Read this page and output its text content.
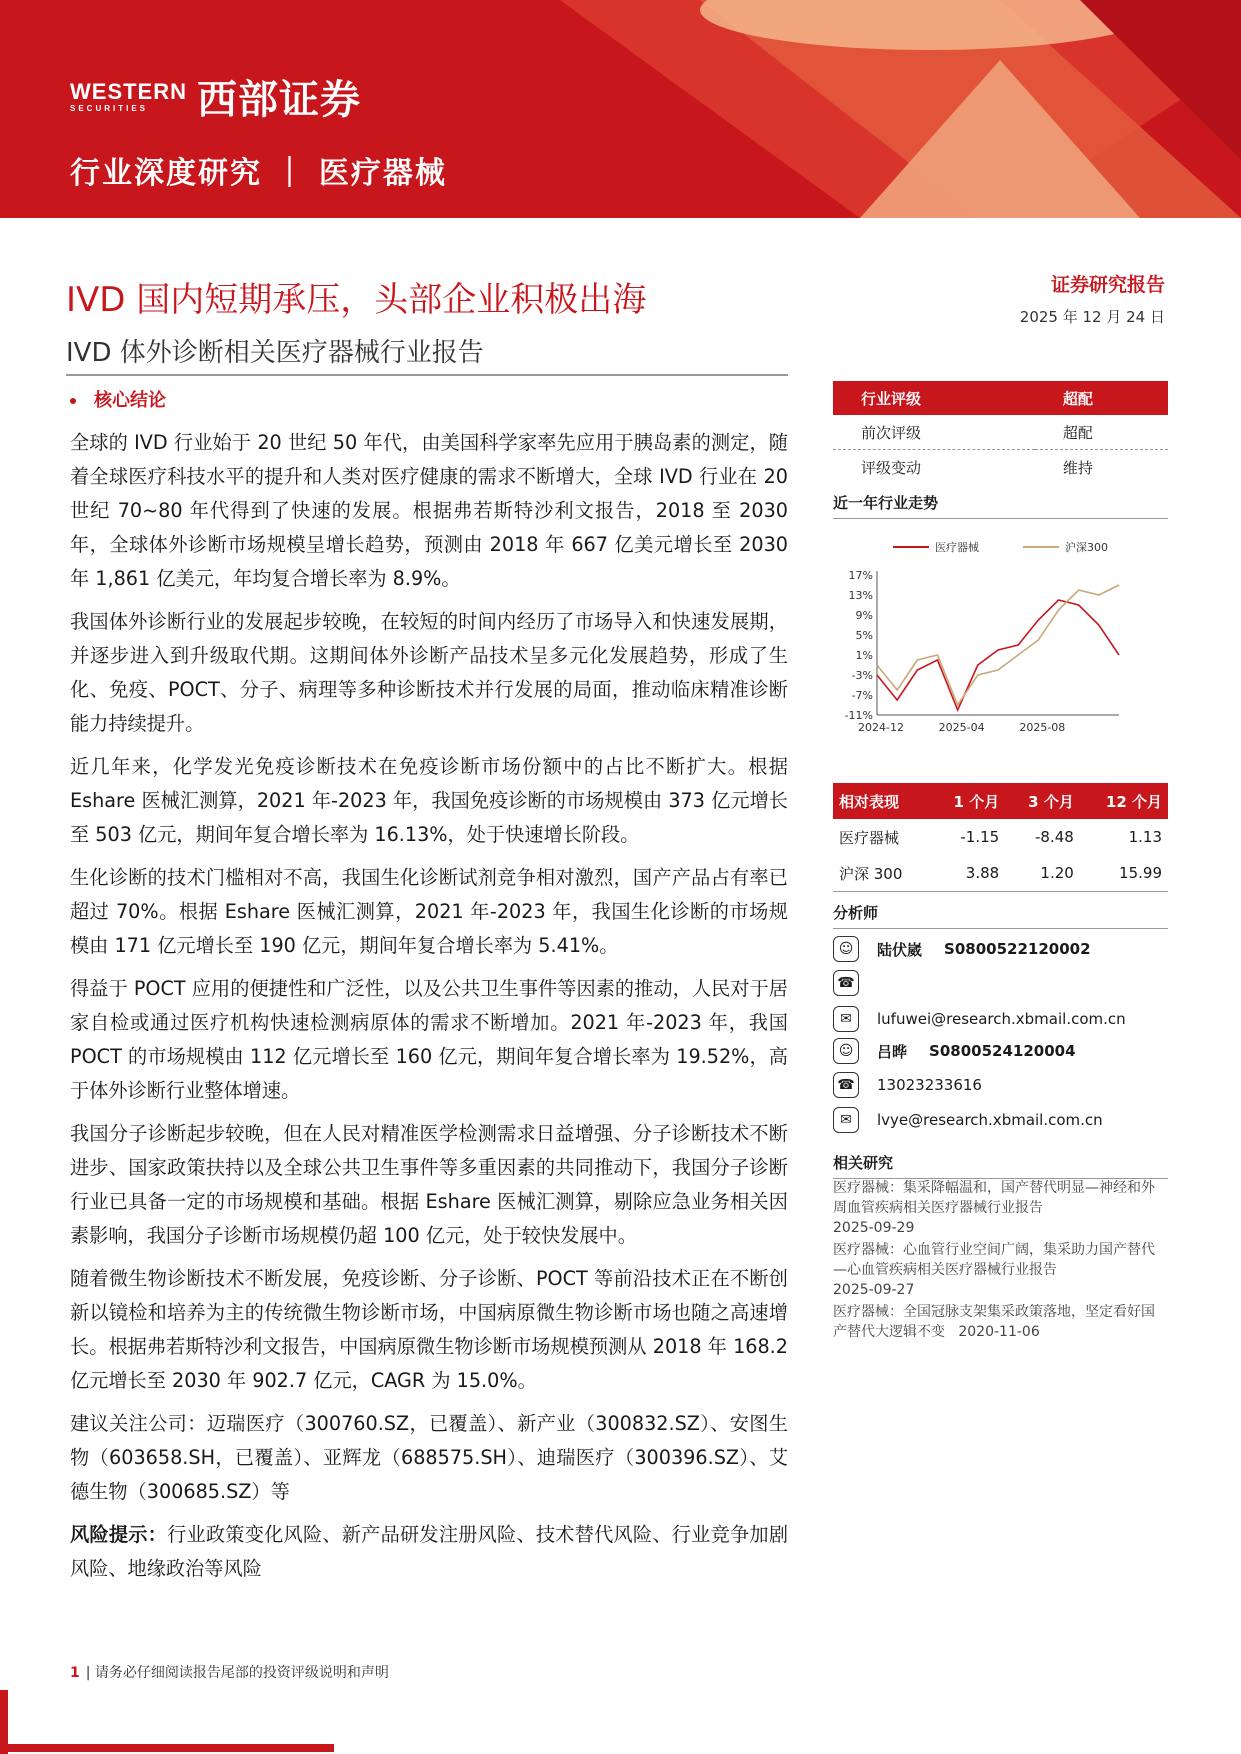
WESTERN
SECURITIES	西部证券
行业深度研究 ｜ 医疗器械
IVD 国内短期承压，头部企业积极出海
IVD 体外诊断相关医疗器械行业报告
证券研究报告
2025 年 12 月 24 日
核心结论

全球的 IVD 行业始于 20 世纪 50 年代，由美国科学家率先应用于胰岛素的测定，随着全球医疗科技水平的提升和人类对医疗健康的需求不断增大，全球 IVD 行业在 20 世纪 70~80 年代得到了快速的发展。根据弗若斯特沙利文报告，2018 至 2030 年，全球体外诊断市场规模呈增长趋势，预测由 2018 年 667 亿美元增长至 2030 年 1,861 亿美元，年均复合增长率为 8.9%。

我国体外诊断行业的发展起步较晚，在较短的时间内经历了市场导入和快速发展期，并逐步进入到升级取代期。这期间体外诊断产品技术呈多元化发展趋势，形成了生化、免疫、POCT、分子、病理等多种诊断技术并行发展的局面，推动临床精准诊断能力持续提升。

近几年来，化学发光免疫诊断技术在免疫诊断市场份额中的占比不断扩大。根据 Eshare 医械汇测算，2021 年-2023 年，我国免疫诊断的市场规模由 373 亿元增长至 503 亿元，期间年复合增长率为 16.13%，处于快速增长阶段。

生化诊断的技术门槛相对不高，我国生化诊断试剂竞争相对激烈，国产产品占有率已超过 70%。根据 Eshare 医械汇测算，2021 年-2023 年，我国生化诊断的市场规模由 171 亿元增长至 190 亿元，期间年复合增长率为 5.41%。

得益于 POCT 应用的便捷性和广泛性，以及公共卫生事件等因素的推动，人民对于居家自检或通过医疗机构快速检测病原体的需求不断增加。2021 年-2023 年，我国 POCT 的市场规模由 112 亿元增长至 160 亿元，期间年复合增长率为 19.52%，高于体外诊断行业整体增速。

我国分子诊断起步较晚，但在人民对精准医学检测需求日益增强、分子诊断技术不断进步、国家政策扶持以及全球公共卫生事件等多重因素的共同推动下，我国分子诊断行业已具备一定的市场规模和基础。根据 Eshare 医械汇测算，剔除应急业务相关因素影响，我国分子诊断市场规模仍超 100 亿元，处于较快发展中。

随着微生物诊断技术不断发展，免疫诊断、分子诊断、POCT 等前沿技术正在不断创新以镜检和培养为主的传统微生物诊断市场，中国病原微生物诊断市场也随之高速增长。根据弗若斯特沙利文报告，中国病原微生物诊断市场规模预测从 2018 年 168.2 亿元增长至 2030 年 902.7 亿元，CAGR 为 15.0%。

建议关注公司：迈瑞医疗（300760.SZ，已覆盖）、新产业（300832.SZ）、安图生物（603658.SH，已覆盖）、亚辉龙（688575.SH）、迪瑞医疗（300396.SZ）、艾德生物（300685.SZ）等

风险提示：行业政策变化风险、新产品研发注册风险、技术替代风险、行业竞争加剧风险、地缘政治等风险

行业评级	超配
前次评级	超配
评级变动	维持
近一年行业走势
17%
13%
9%
5%
1%
-3%
-7%
-11%
2024-12	2025-04	2025-08
医疗器械	沪深300
相对表现	1 个月	3 个月	12 个月
医疗器械	-1.15	-8.48	1.13
沪深 300	3.88	1.20	15.99
分析师
☺	陆伏崴 S0800522120002
☎
✉	lufuwei@research.xbmail.com.cn
☺	吕晔 S0800524120004
☎ 13023233616
✉	lvye@research.xbmail.com.cn
相关研究
医疗器械：集采降幅温和，国产替代明显—神经和外周血管疾病相关医疗器械行业报告
2025-09-29
医疗器械：心血管行业空间广阔，集采助力国产替代—心血管疾病相关医疗器械行业报告
2025-09-27
医疗器械：全国冠脉支架集采政策落地，坚定看好国产替代大逻辑不变 2020-11-06
1 | 请务必仔细阅读报告尾部的投资评级说明和声明
